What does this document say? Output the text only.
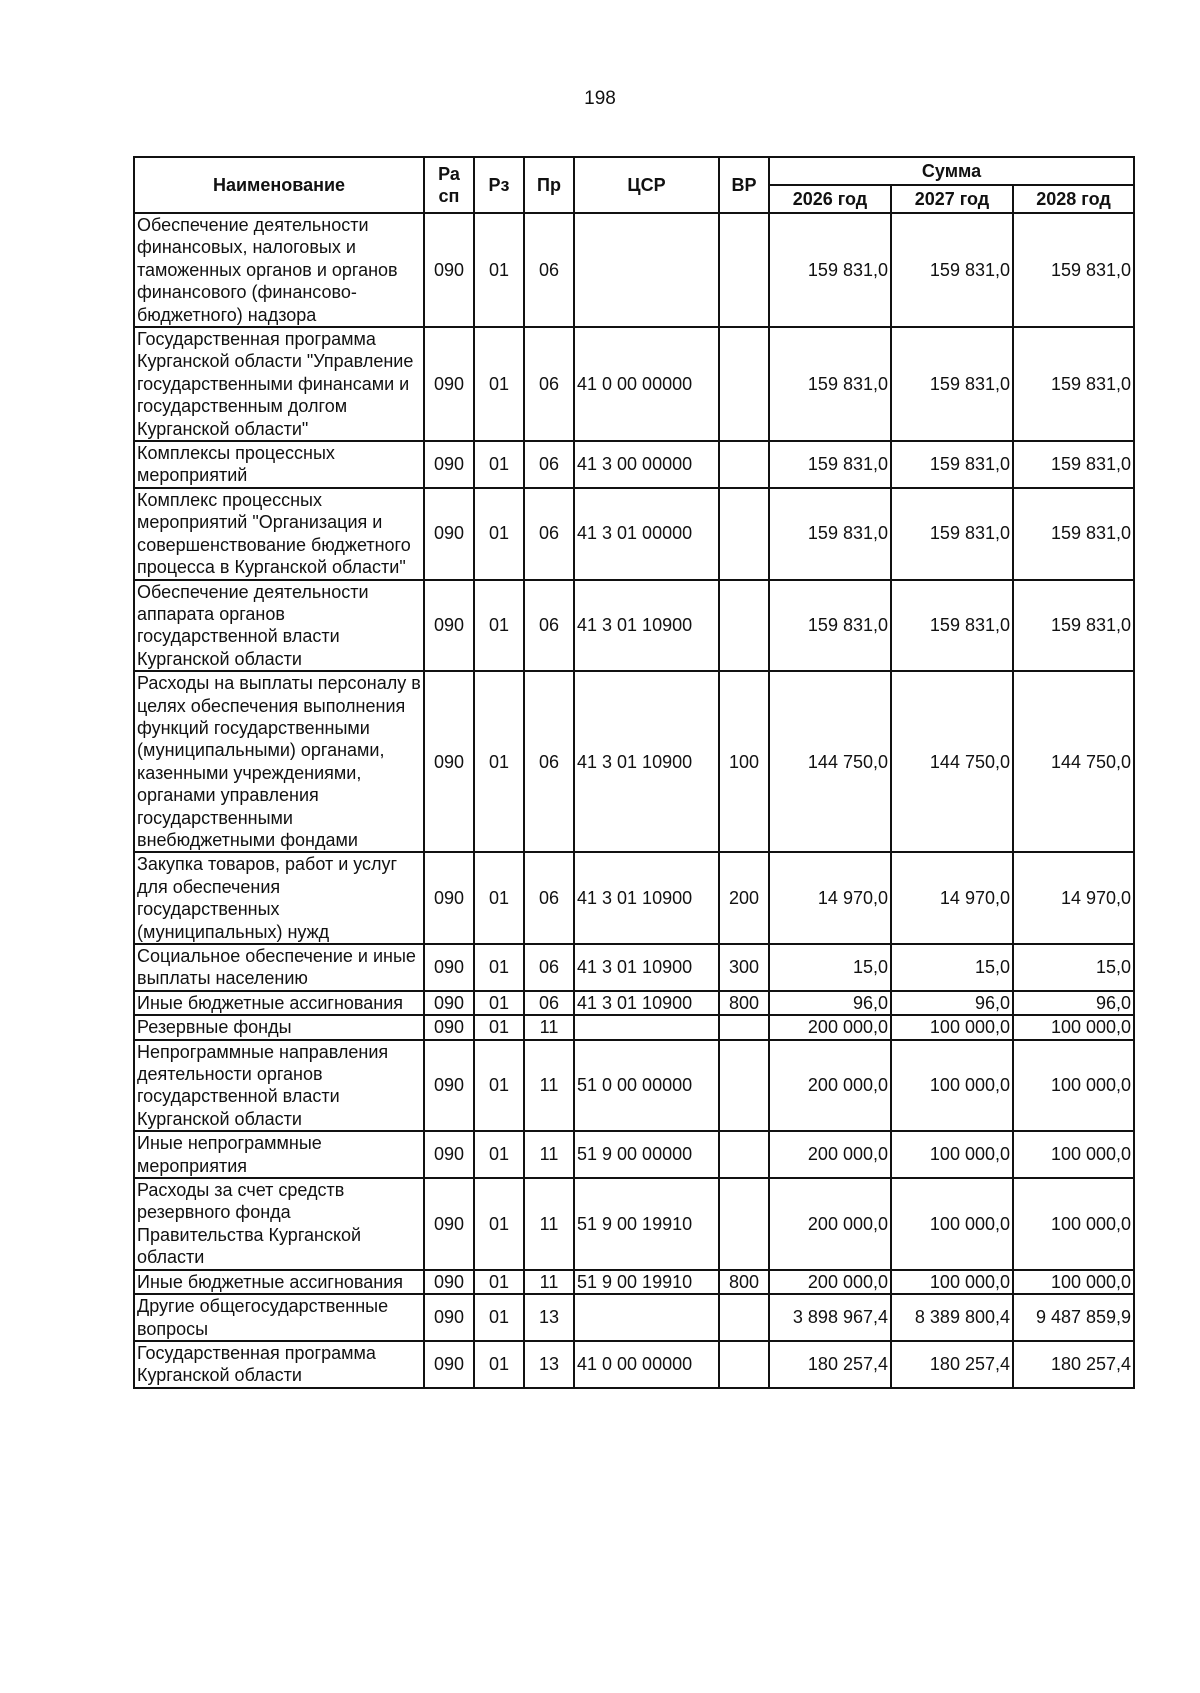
198
Наименование	Ра сп	Рз	Пр	ЦСР	ВР	Сумма		
						2026 год	2027 год	2028 год
Обеспечение деятельности финансовых, налоговых и таможенных органов и органов финансового (финансово-бюджетного) надзора	090	01	06			159 831,0	159 831,0	159 831,0
Государственная программа Курганской области "Управление государственными финансами и государственным долгом Курганской области"	090	01	06	41 0 00 00000		159 831,0	159 831,0	159 831,0
Комплексы процессных мероприятий	090	01	06	41 3 00 00000		159 831,0	159 831,0	159 831,0
Комплекс процессных мероприятий "Организация и совершенствование бюджетного процесса в Курганской области"	090	01	06	41 3 01 00000		159 831,0	159 831,0	159 831,0
Обеспечение деятельности аппарата органов государственной власти Курганской области	090	01	06	41 3 01 10900		159 831,0	159 831,0	159 831,0
Расходы на выплаты персоналу в целях обеспечения выполнения функций государственными (муниципальными) органами, казенными учреждениями, органами управления государственными внебюджетными фондами	090	01	06	41 3 01 10900	100	144 750,0	144 750,0	144 750,0
Закупка товаров, работ и услуг для обеспечения государственных (муниципальных) нужд	090	01	06	41 3 01 10900	200	14 970,0	14 970,0	14 970,0
Социальное обеспечение и иные выплаты населению	090	01	06	41 3 01 10900	300	15,0	15,0	15,0
Иные бюджетные ассигнования	090	01	06	41 3 01 10900	800	96,0	96,0	96,0
Резервные фонды	090	01	11			200 000,0	100 000,0	100 000,0
Непрограммные направления деятельности органов государственной власти Курганской области	090	01	11	51 0 00 00000		200 000,0	100 000,0	100 000,0
Иные непрограммные мероприятия	090	01	11	51 9 00 00000		200 000,0	100 000,0	100 000,0
Расходы за счет средств резервного фонда Правительства Курганской области	090	01	11	51 9 00 19910		200 000,0	100 000,0	100 000,0
Иные бюджетные ассигнования	090	01	11	51 9 00 19910	800	200 000,0	100 000,0	100 000,0
Другие общегосударственные вопросы	090	01	13			3 898 967,4	8 389 800,4	9 487 859,9
Государственная программа Курганской области	090	01	13	41 0 00 00000		180 257,4	180 257,4	180 257,4
